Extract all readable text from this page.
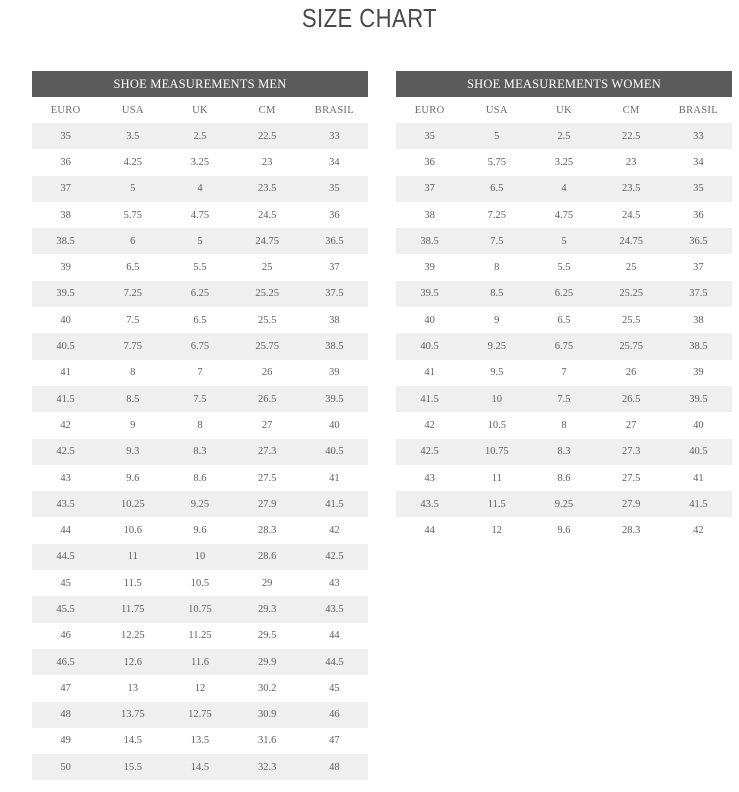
SIZE CHART
SHOE MEASUREMENTS MEN				
EURO	USA	UK	CM	BRASIL
35	3.5	2.5	22.5	33
36	4.25	3.25	23	34
37	5	4	23.5	35
38	5.75	4.75	24.5	36
38.5	6	5	24.75	36.5
39	6.5	5.5	25	37
39.5	7.25	6.25	25.25	37.5
40	7.5	6.5	25.5	38
40.5	7.75	6.75	25.75	38.5
41	8	7	26	39
41.5	8.5	7.5	26.5	39.5
42	9	8	27	40
42.5	9.3	8.3	27.3	40.5
43	9.6	8.6	27.5	41
43.5	10.25	9.25	27.9	41.5
44	10.6	9.6	28.3	42
44.5	11	10	28.6	42.5
45	11.5	10.5	29	43
45.5	11.75	10.75	29.3	43.5
46	12.25	11.25	29.5	44
46.5	12.6	11.6	29.9	44.5
47	13	12	30.2	45
48	13.75	12.75	30.9	46
49	14.5	13.5	31.6	47
50	15.5	14.5	32.3	48
SHOE MEASUREMENTS WOMEN				
EURO	USA	UK	CM	BRASIL
35	5	2.5	22.5	33
36	5.75	3.25	23	34
37	6.5	4	23.5	35
38	7.25	4.75	24.5	36
38.5	7.5	5	24.75	36.5
39	8	5.5	25	37
39.5	8.5	6.25	25.25	37.5
40	9	6.5	25.5	38
40.5	9.25	6.75	25.75	38.5
41	9.5	7	26	39
41.5	10	7.5	26.5	39.5
42	10.5	8	27	40
42.5	10.75	8.3	27.3	40.5
43	11	8.6	27.5	41
43.5	11.5	9.25	27.9	41.5
44	12	9.6	28.3	42
